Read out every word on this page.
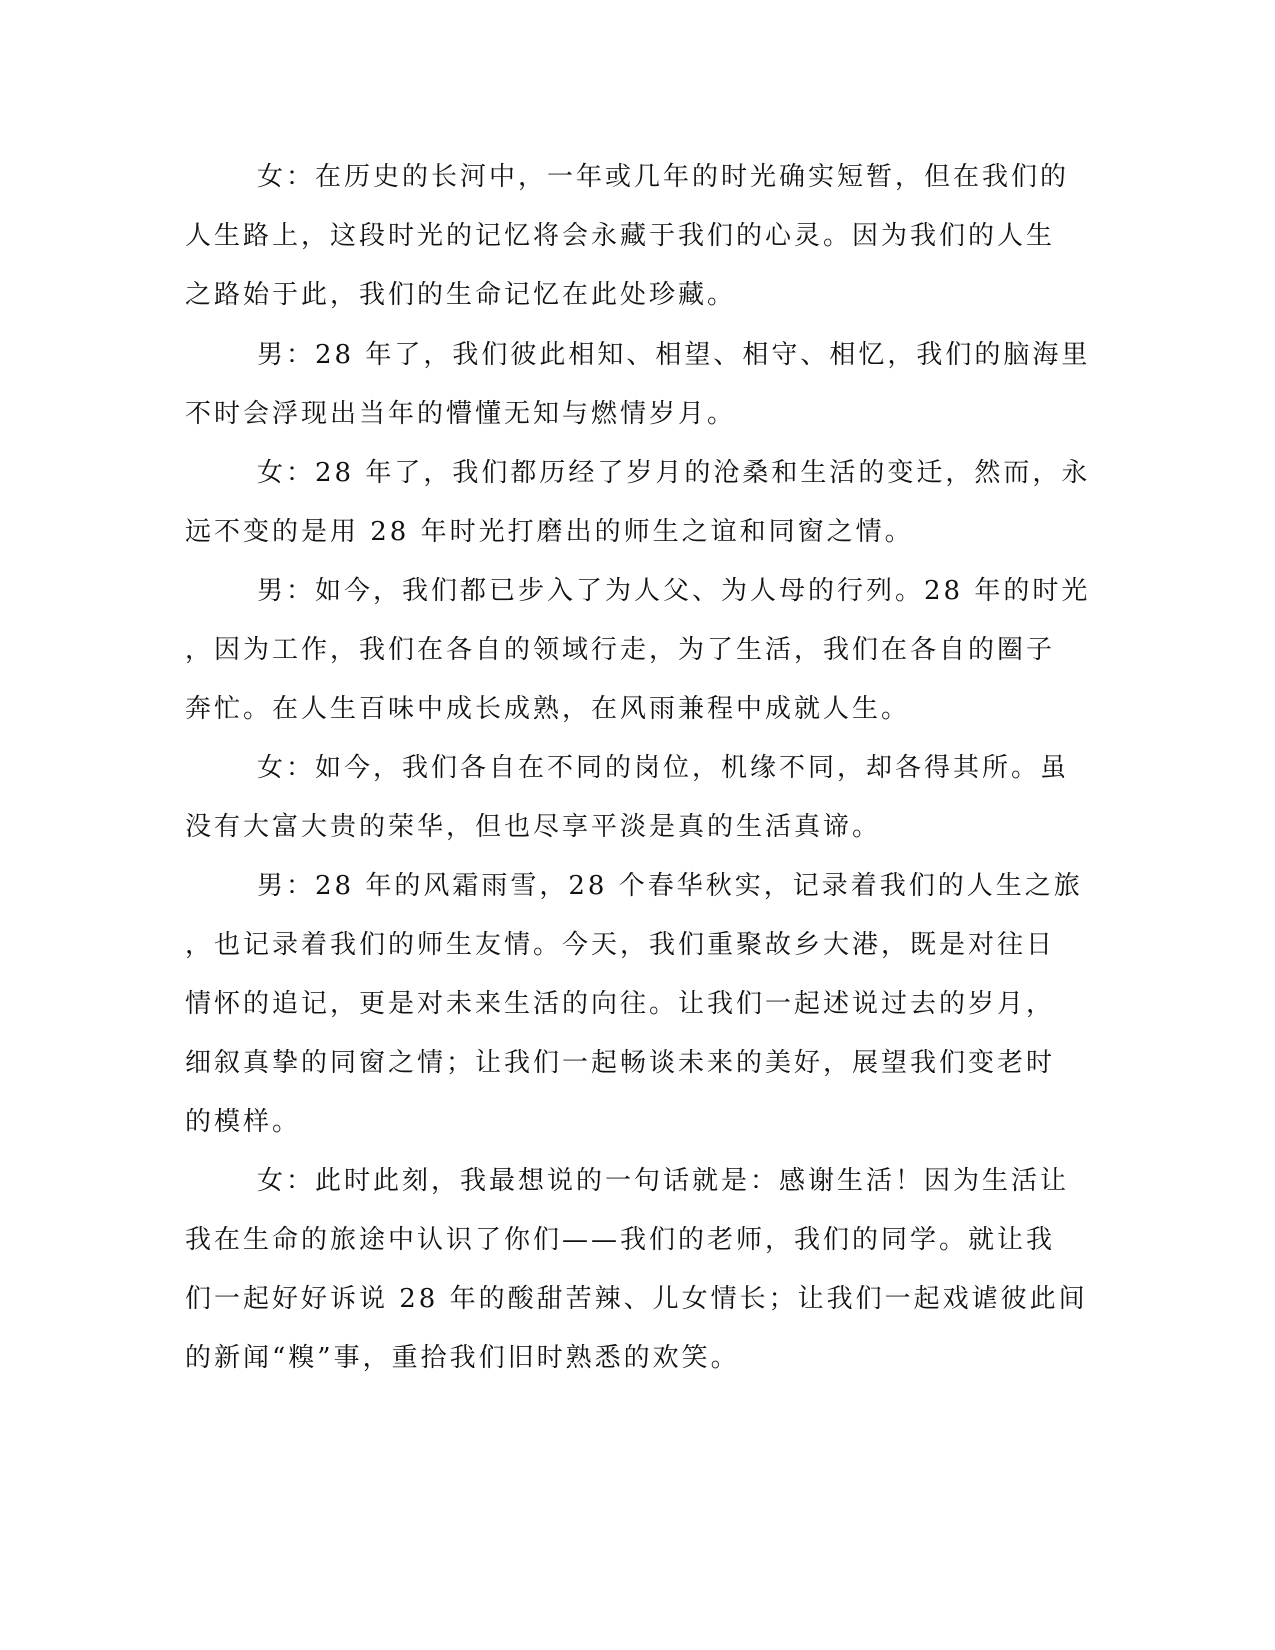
女：在历史的长河中，一年或几年的时光确实短暂，但在我们的
人生路上，这段时光的记忆将会永藏于我们的心灵。因为我们的人生
之路始于此，我们的生命记忆在此处珍藏。
男：28 年了，我们彼此相知、相望、相守、相忆，我们的脑海里
不时会浮现出当年的懵懂无知与燃情岁月。
女：28 年了，我们都历经了岁月的沧桑和生活的变迁，然而，永
远不变的是用 28 年时光打磨出的师生之谊和同窗之情。
男：如今，我们都已步入了为人父、为人母的行列。28 年的时光
，因为工作，我们在各自的领域行走，为了生活，我们在各自的圈子
奔忙。在人生百味中成长成熟，在风雨兼程中成就人生。
女：如今，我们各自在不同的岗位，机缘不同，却各得其所。虽
没有大富大贵的荣华，但也尽享平淡是真的生活真谛。
男：28 年的风霜雨雪，28 个春华秋实，记录着我们的人生之旅
，也记录着我们的师生友情。今天，我们重聚故乡大港，既是对往日
情怀的追记，更是对未来生活的向往。让我们一起述说过去的岁月，
细叙真挚的同窗之情；让我们一起畅谈未来的美好，展望我们变老时
的模样。
女：此时此刻，我最想说的一句话就是：感谢生活！因为生活让
我在生命的旅途中认识了你们——我们的老师，我们的同学。就让我
们一起好好诉说 28 年的酸甜苦辣、儿女情长；让我们一起戏谑彼此间
的新闻“糗”事，重拾我们旧时熟悉的欢笑。
